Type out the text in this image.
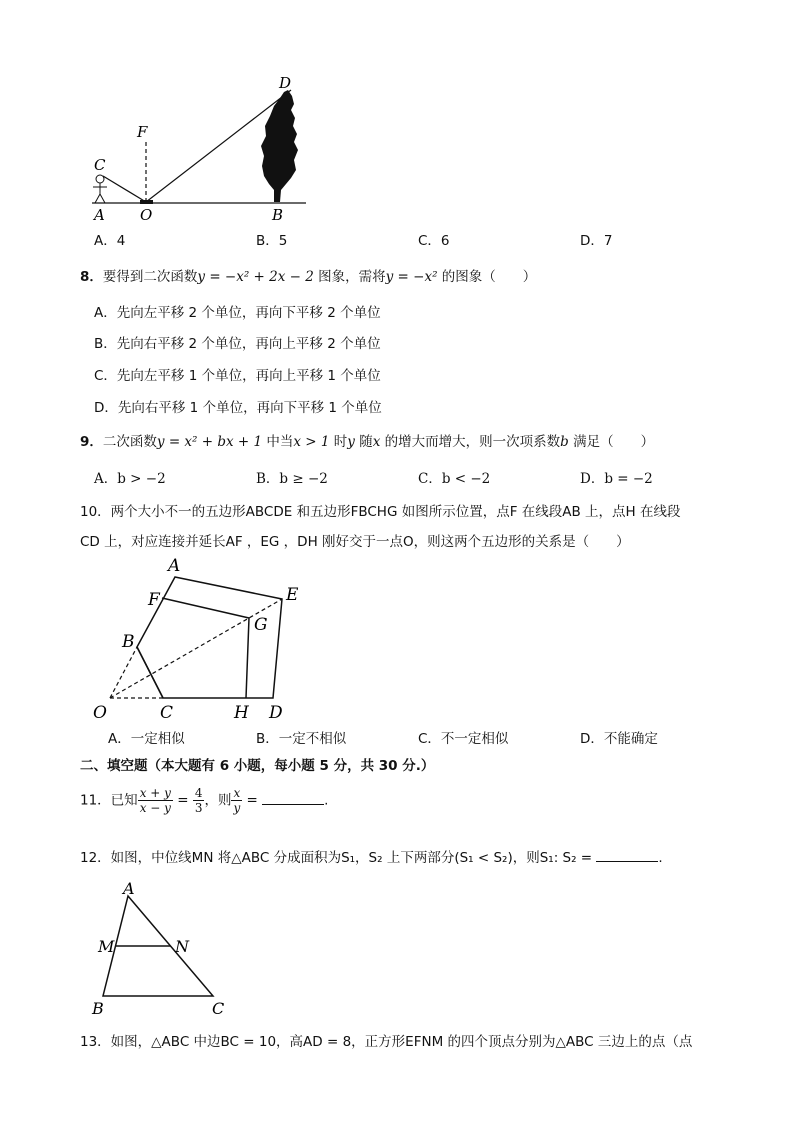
D
F
C
A O	B
A．4	B．5	C．6	D．7
8．要得到二次函数y = −x² + 2x − 2 图象，需将y = −x² 的图象（　　）
A．先向左平移 2 个单位，再向下平移 2 个单位
B．先向右平移 2 个单位，再向上平移 2 个单位
C．先向左平移 1 个单位，再向上平移 1 个单位
D．先向右平移 1 个单位，再向下平移 1 个单位
9．二次函数y = x² + bx + 1 中当x > 1 时y 随x 的增大而增大，则一次项系数b 满足（　　）
A．b > −2	B．b ≥ −2	C．b < −2	D．b = −2
10．两个大小不一的五边形ABCDE 和五边形FBCHG 如图所示位置，点F 在线段AB 上，点H 在线段
CD 上，对应连接并延长AF ，EG ，DH 刚好交于一点O，则这两个五边形的关系是（　　）
A
E
F
G
B
O	C	H D
A．一定相似	B．一定不相似	C．不一定相似	D．不能确定
二、填空题（本大题有 6 小题，每小题 5 分，共 30 分.）
11．已知 $\frac{x + y}{x - y} = \frac{4}{3}$ ，则 $\frac{x}{y}$ =	.
12．如图，中位线MN 将△ABC 分成面积为S₁，S₂ 上下两部分(S₁ < S₂)，则S₁: S₂ =	.
A
M	N
B	C
13．如图，△ABC 中边BC = 10，高AD = 8，正方形EFNM 的四个顶点分别为△ABC 三边上的点（点
